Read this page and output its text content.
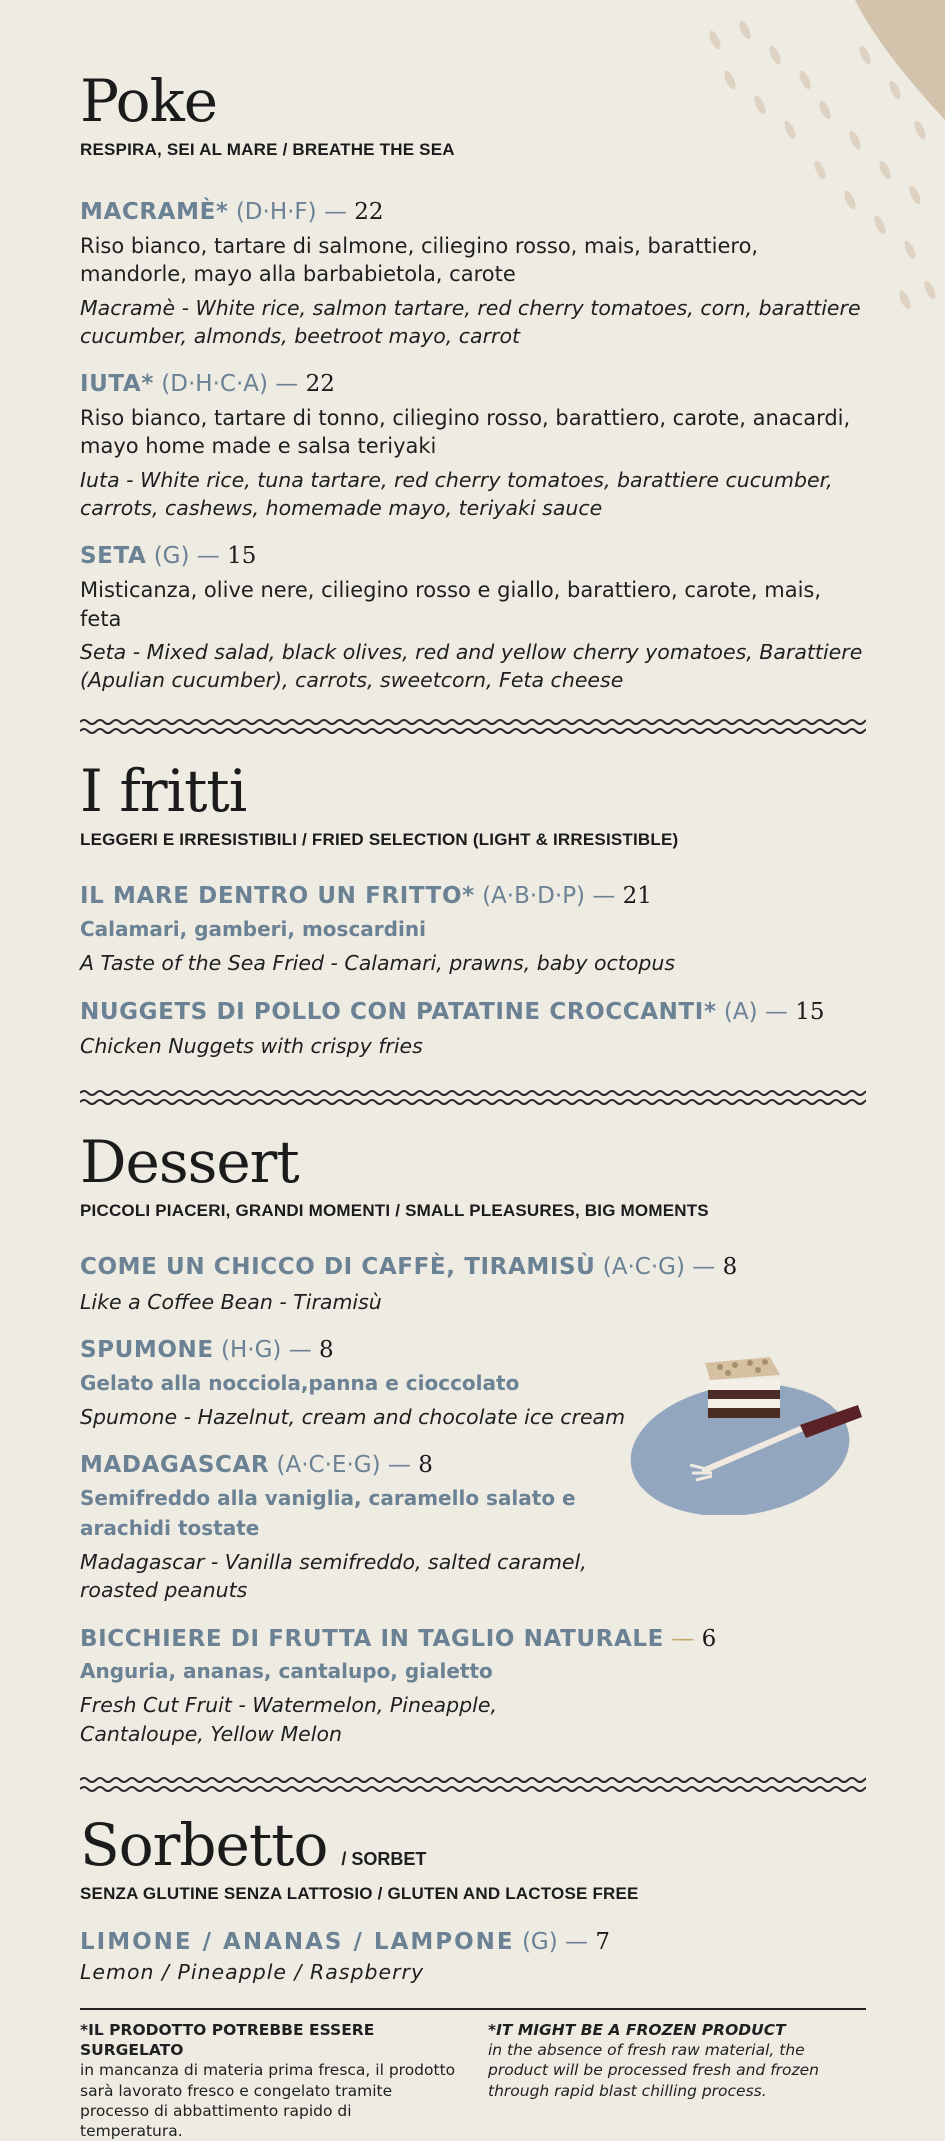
Poke
RESPIRA, SEI AL MARE / BREATHE THE SEA
MACRAMÈ* (D·H·F) — 22
Riso bianco, tartare di salmone, ciliegino rosso, mais, barattiero, mandorle, mayo alla barbabietola, carote
Macramè - White rice, salmon tartare, red cherry tomatoes, corn, barattiere cucumber, almonds, beetroot mayo, carrot
IUTA* (D·H·C·A) — 22
Riso bianco, tartare di tonno, ciliegino rosso, barattiero, carote, anacardi, mayo home made e salsa teriyaki
Iuta - White rice, tuna tartare, red cherry tomatoes, barattiere cucumber, carrots, cashews, homemade mayo, teriyaki sauce
SETA (G) — 15
Misticanza, olive nere, ciliegino rosso e giallo, barattiero, carote, mais, feta
Seta - Mixed salad, black olives, red and yellow cherry yomatoes, Barattiere (Apulian cucumber), carrots, sweetcorn, Feta cheese
I fritti
LEGGERI E IRRESISTIBILI / FRIED SELECTION (LIGHT & IRRESISTIBLE)
IL MARE DENTRO UN FRITTO* (A·B·D·P) — 21
Calamari, gamberi, moscardini
A Taste of the Sea Fried - Calamari, prawns, baby octopus
NUGGETS DI POLLO CON PATATINE CROCCANTI* (A) — 15
Chicken Nuggets with crispy fries
Dessert
PICCOLI PIACERI, GRANDI MOMENTI / SMALL PLEASURES, BIG MOMENTS
COME UN CHICCO DI CAFFÈ, TIRAMISÙ (A·C·G) — 8
Like a Coffee Bean - Tiramisù
SPUMONE (H·G) — 8
Gelato alla nocciola,panna e cioccolato
Spumone - Hazelnut, cream and chocolate ice cream
MADAGASCAR (A·C·E·G) — 8
Semifreddo alla vaniglia, caramello salato e arachidi tostate
Madagascar - Vanilla semifreddo, salted caramel, roasted peanuts
BICCHIERE DI FRUTTA IN TAGLIO NATURALE — 6
Anguria, ananas, cantalupo, gialetto
Fresh Cut Fruit - Watermelon, Pineapple, Cantaloupe, Yellow Melon
Sorbetto / SORBET
SENZA GLUTINE SENZA LATTOSIO / GLUTEN AND LACTOSE FREE
LIMONE / ANANAS / LAMPONE (G) — 7
Lemon / Pineapple / Raspberry
*IL PRODOTTO POTREBBE ESSERE SURGELATO
in mancanza di materia prima fresca, il prodotto sarà lavorato fresco e congelato tramite processo di abbattimento rapido di temperatura.
*IT MIGHT BE A FROZEN PRODUCT
in the absence of fresh raw material, the product will be processed fresh and frozen through rapid blast chilling process.
